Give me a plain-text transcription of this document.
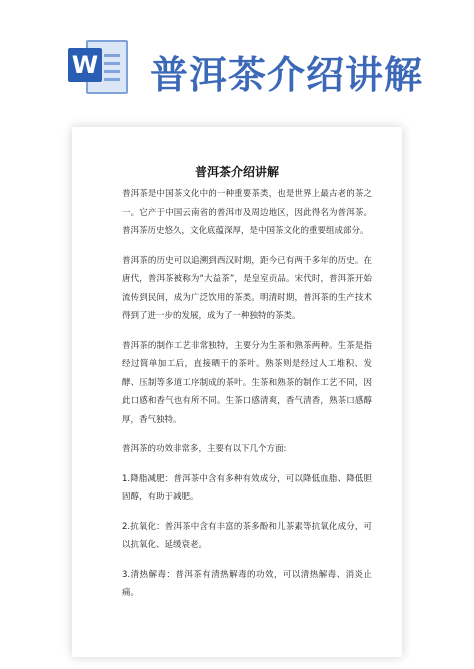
W 普洱茶介绍讲解
普洱茶介绍讲解

普洱茶是中国茶文化中的一种重要茶类，也是世界上最古老的茶之一。它产于中国云南省的普洱市及周边地区，因此得名为普洱茶。普洱茶历史悠久，文化底蕴深厚，是中国茶文化的重要组成部分。

普洱茶的历史可以追溯到西汉时期，距今已有两千多年的历史。在唐代，普洱茶被称为“大益茶”，是皇室贡品。宋代时，普洱茶开始流传到民间，成为广泛饮用的茶类。明清时期，普洱茶的生产技术得到了进一步的发展，成为了一种独特的茶类。

普洱茶的制作工艺非常独特，主要分为生茶和熟茶两种。生茶是指经过简单加工后，直接晒干的茶叶。熟茶则是经过人工堆积、发酵、压制等多道工序制成的茶叶。生茶和熟茶的制作工艺不同，因此口感和香气也有所不同。生茶口感清爽，香气清香，熟茶口感醇厚，香气独特。

普洱茶的功效非常多，主要有以下几个方面:

1.降脂减肥：普洱茶中含有多种有效成分，可以降低血脂、降低胆固醇，有助于减肥。

2.抗氧化：普洱茶中含有丰富的茶多酚和儿茶素等抗氧化成分，可以抗氧化、延缓衰老。

3.清热解毒：普洱茶有清热解毒的功效，可以清热解毒、消炎止痛。
